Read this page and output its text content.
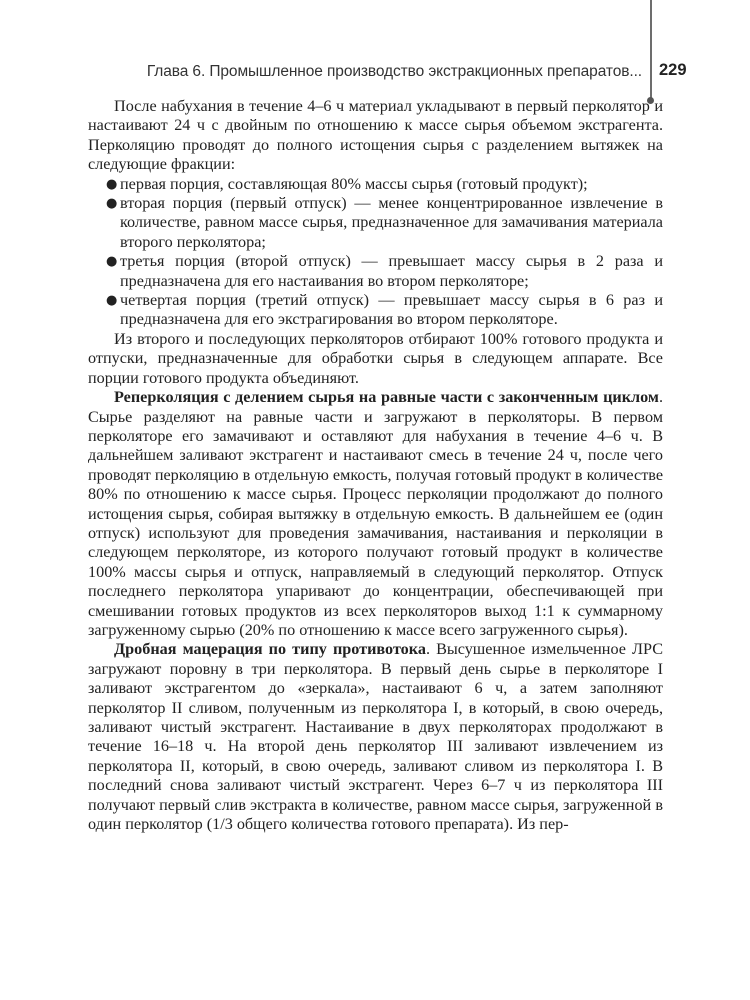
Глава 6. Промышленное производство экстракционных препаратов... 229

После набухания в течение 4–6 ч материал укладывают в первый перколятор и настаивают 24 ч с двойным по отношению к массе сырья объемом экстрагента. Перколяцию проводят до полного истощения сырья с разделением вытяжек на следующие фракции:

● первая порция, составляющая 80% массы сырья (готовый продукт);
● вторая порция (первый отпуск) — менее концентрированное извлечение в количестве, равном массе сырья, предназначенное для замачивания материала второго перколятора;
● третья порция (второй отпуск) — превышает массу сырья в 2 раза и предназначена для его настаивания во втором перколяторе;
● четвертая порция (третий отпуск) — превышает массу сырья в 6 раз и предназначена для его экстрагирования во втором перколяторе.

Из второго и последующих перколяторов отбирают 100% готового продукта и отпуски, предназначенные для обработки сырья в следующем аппарате. Все порции готового продукта объединяют.

Реперколяция с делением сырья на равные части с законченным циклом. Сырье разделяют на равные части и загружают в перколяторы. В первом перколяторе его замачивают и оставляют для набухания в течение 4–6 ч. В дальнейшем заливают экстрагент и настаивают смесь в течение 24 ч, после чего проводят перколяцию в отдельную емкость, получая готовый продукт в количестве 80% по отношению к массе сырья. Процесс перколяции продолжают до полного истощения сырья, собирая вытяжку в отдельную емкость. В дальнейшем ее (один отпуск) используют для проведения замачивания, настаивания и перколяции в следующем перколяторе, из которого получают готовый продукт в количестве 100% массы сырья и отпуск, направляемый в следующий перколятор. Отпуск последнего перколятора упаривают до концентрации, обеспечивающей при смешивании готовых продуктов из всех перколяторов выход 1:1 к суммарному загруженному сырью (20% по отношению к массе всего загруженного сырья).

Дробная мацерация по типу противотока. Высушенное измельченное ЛРС загружают поровну в три перколятора. В первый день сырье в перколяторе I заливают экстрагентом до «зеркала», настаивают 6 ч, а затем заполняют перколятор II сливом, полученным из перколятора I, в который, в свою очередь, заливают чистый экстрагент. Настаивание в двух перколяторах продолжают в течение 16–18 ч. На второй день перколятор III заливают извлечением из перколятора II, который, в свою очередь, заливают сливом из перколятора I. В последний снова заливают чистый экстрагент. Через 6–7 ч из перколятора III получают первый слив экстракта в количестве, равном массе сырья, загруженной в один перколятор (1/3 общего количества готового препарата). Из пер-
